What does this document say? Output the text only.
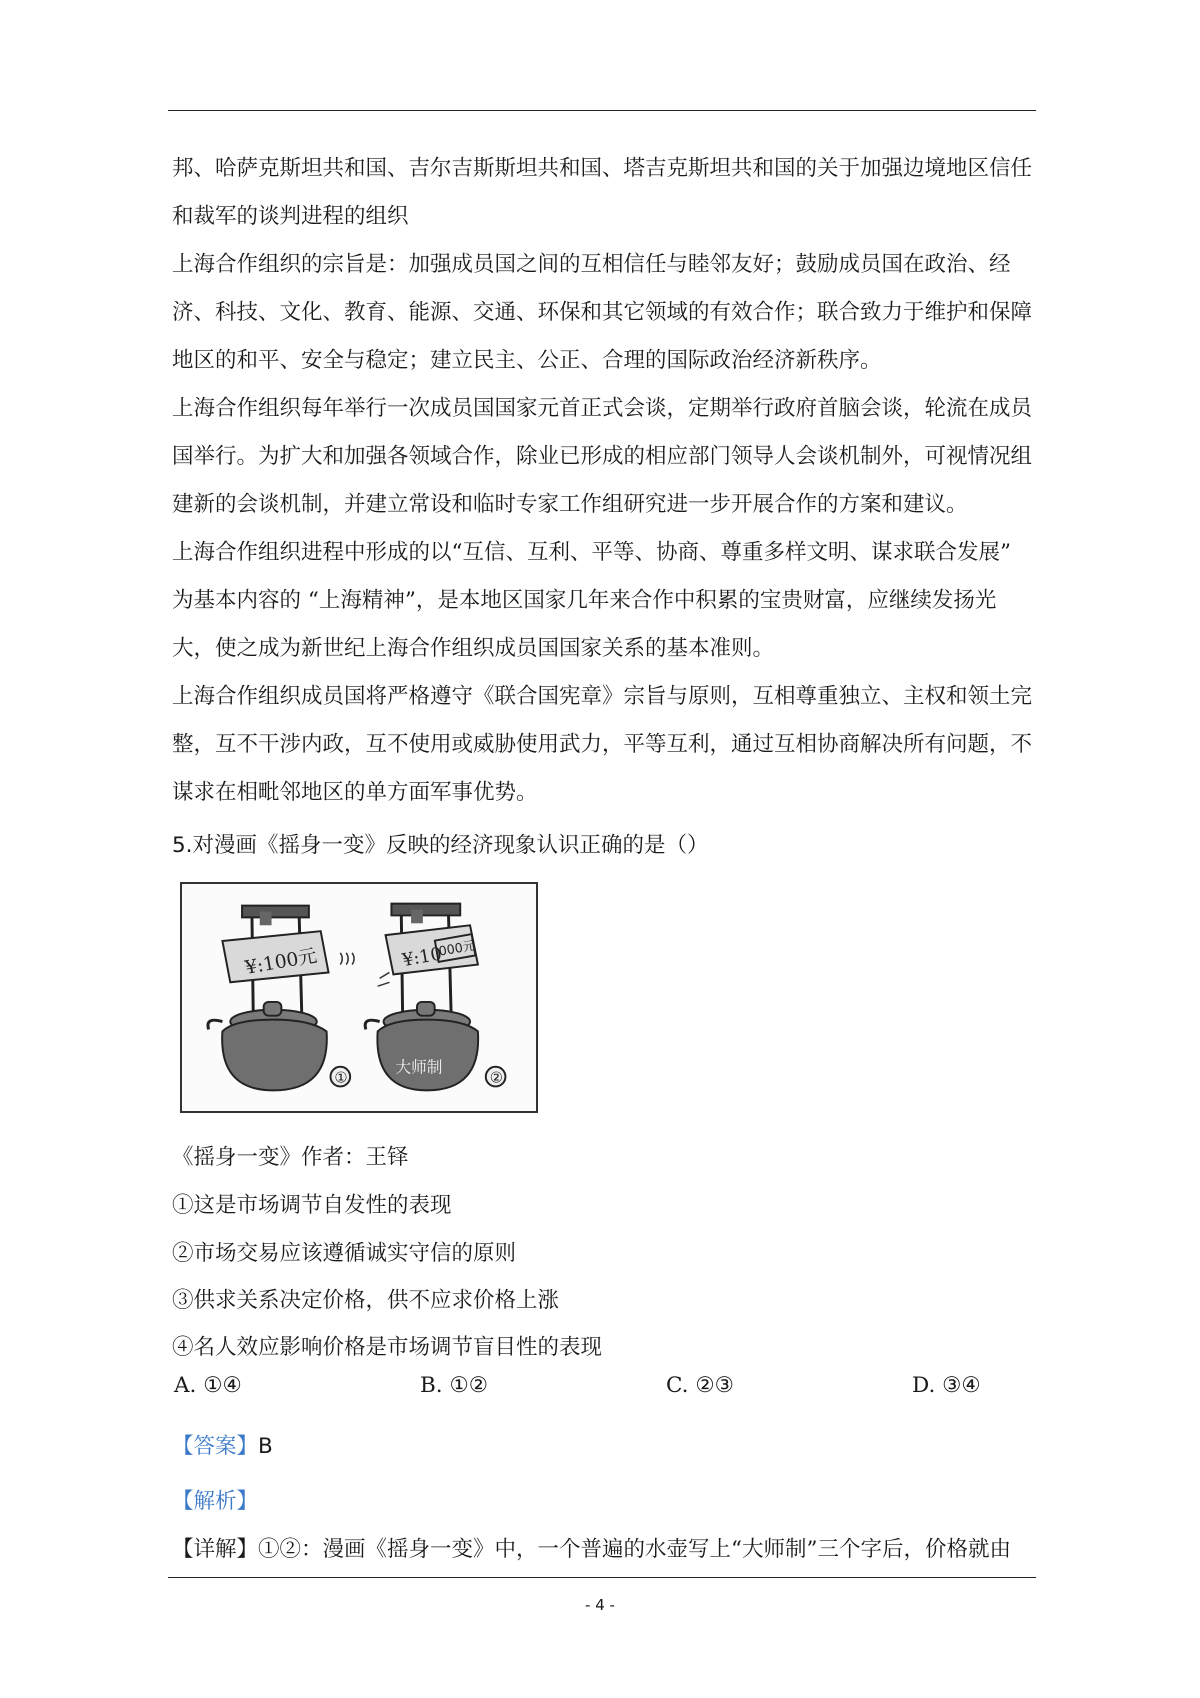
邦、哈萨克斯坦共和国、吉尔吉斯斯坦共和国、塔吉克斯坦共和国的关于加强边境地区信任
和裁军的谈判进程的组织
上海合作组织的宗旨是：加强成员国之间的互相信任与睦邻友好；鼓励成员国在政治、经
济、科技、文化、教育、能源、交通、环保和其它领域的有效合作；联合致力于维护和保障
地区的和平、安全与稳定；建立民主、公正、合理的国际政治经济新秩序。
上海合作组织每年举行一次成员国国家元首正式会谈，定期举行政府首脑会谈，轮流在成员
国举行。为扩大和加强各领域合作，除业已形成的相应部门领导人会谈机制外，可视情况组
建新的会谈机制，并建立常设和临时专家工作组研究进一步开展合作的方案和建议。
上海合作组织进程中形成的以“互信、互利、平等、协商、尊重多样文明、谋求联合发展”
为基本内容的 “上海精神”，是本地区国家几年来合作中积累的宝贵财富，应继续发扬光
大，使之成为新世纪上海合作组织成员国国家关系的基本准则。
上海合作组织成员国将严格遵守《联合国宪章》宗旨与原则，互相尊重独立、主权和领土完
整，互不干涉内政，互不使用或威胁使用武力，平等互利，通过互相协商解决所有问题，不
谋求在相毗邻地区的单方面军事优势。
5.对漫画《摇身一变》反映的经济现象认识正确的是（）
¥:100元
①
¥:10
000元
大师制
②
《摇身一变》作者：王铎
①这是市场调节自发性的表现
②市场交易应该遵循诚实守信的原则
③供求关系决定价格，供不应求价格上涨
④名人效应影响价格是市场调节盲目性的表现
A. ①④	B. ①②	C. ②③	D. ③④
【答案】B
【解析】
【详解】①②：漫画《摇身一变》中，一个普遍的水壶写上“大师制”三个字后，价格就由
- 4 -
